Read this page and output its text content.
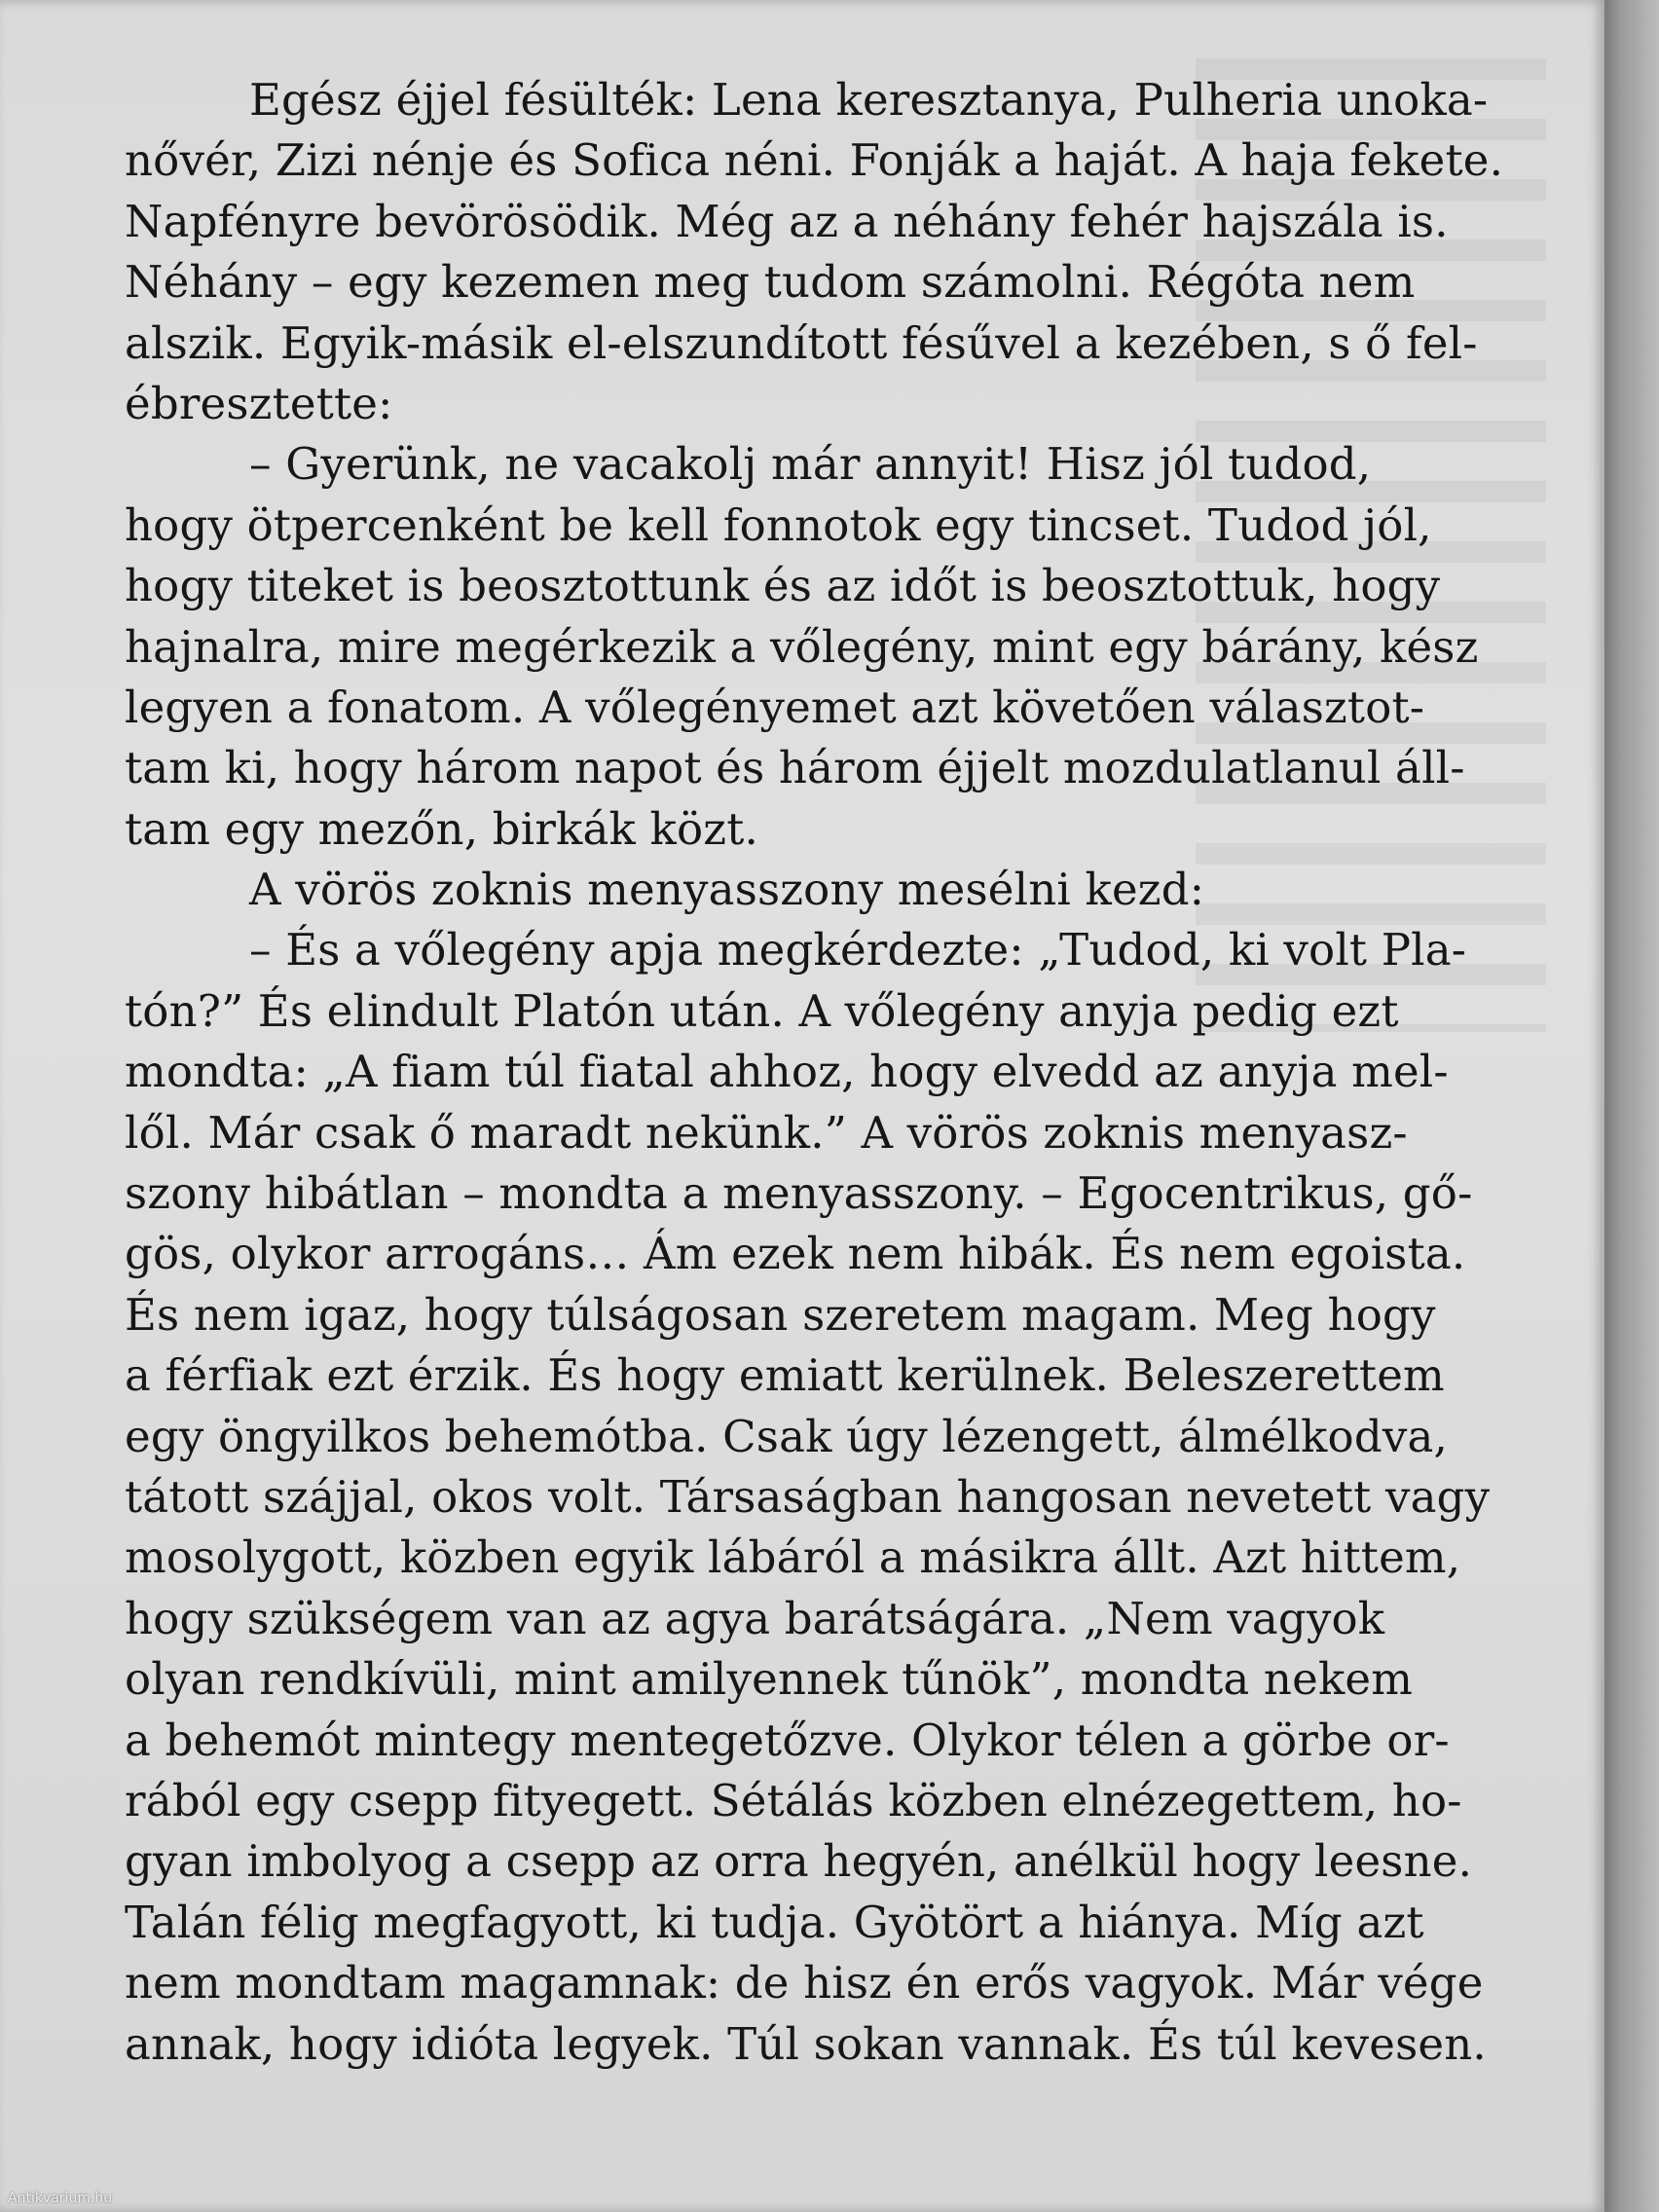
Egész éjjel fésülték: Lena keresztanya, Pulheria unoka-
nővér, Zizi nénje és Sofica néni. Fonják a haját. A haja fekete.
Napfényre bevörösödik. Még az a néhány fehér hajszála is.
Néhány – egy kezemen meg tudom számolni. Régóta nem
alszik. Egyik-másik el-elszundított fésűvel a kezében, s ő fel-
ébresztette:
– Gyerünk, ne vacakolj már annyit! Hisz jól tudod,
hogy ötpercenként be kell fonnotok egy tincset. Tudod jól,
hogy titeket is beosztottunk és az időt is beosztottuk, hogy
hajnalra, mire megérkezik a vőlegény, mint egy bárány, kész
legyen a fonatom. A vőlegényemet azt követően választot-
tam ki, hogy három napot és három éjjelt mozdulatlanul áll-
tam egy mezőn, birkák közt.
A vörös zoknis menyasszony mesélni kezd:
– És a vőlegény apja megkérdezte: „Tudod, ki volt Pla-
tón?” És elindult Platón után. A vőlegény anyja pedig ezt
mondta: „A fiam túl fiatal ahhoz, hogy elvedd az anyja mel-
lől. Már csak ő maradt nekünk.” A vörös zoknis menyasz-
szony hibátlan – mondta a menyasszony. – Egocentrikus, gő-
gös, olykor arrogáns… Ám ezek nem hibák. És nem egoista.
És nem igaz, hogy túlságosan szeretem magam. Meg hogy
a férfiak ezt érzik. És hogy emiatt kerülnek. Beleszerettem
egy öngyilkos behemótba. Csak úgy lézengett, álmélkodva,
tátott szájjal, okos volt. Társaságban hangosan nevetett vagy
mosolygott, közben egyik lábáról a másikra állt. Azt hittem,
hogy szükségem van az agya barátságára. „Nem vagyok
olyan rendkívüli, mint amilyennek tűnök”, mondta nekem
a behemót mintegy mentegetőzve. Olykor télen a görbe or-
rából egy csepp fityegett. Sétálás közben elnézegettem, ho-
gyan imbolyog a csepp az orra hegyén, anélkül hogy leesne.
Talán félig megfagyott, ki tudja. Gyötört a hiánya. Míg azt
nem mondtam magamnak: de hisz én erős vagyok. Már vége
annak, hogy idióta legyek. Túl sokan vannak. És túl kevesen.
Antikvarium.hu
